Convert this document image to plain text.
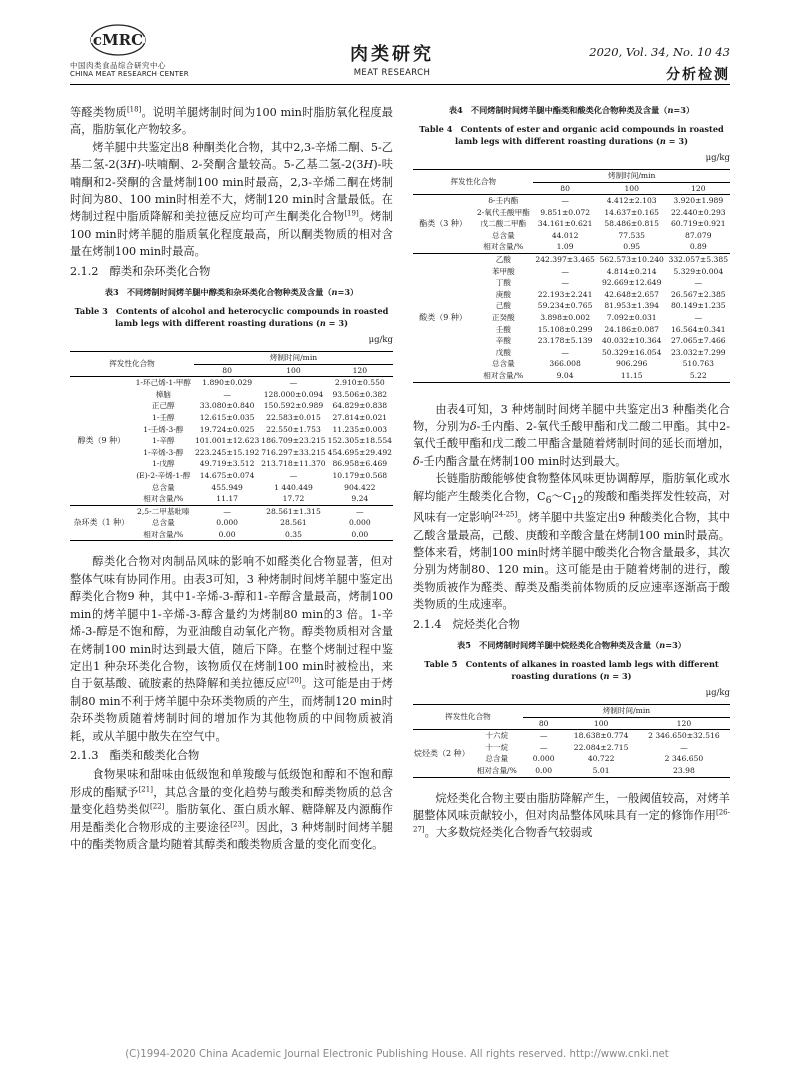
cMRC
中国肉类食品综合研究中心
CHINA MEAT RESEARCH CENTER
肉类研究
MEAT RESEARCH
2020, Vol. 34, No. 10 43
分析检测

等醛类物质[18]。说明羊腿烤制时间为100 min时脂肪氧化程度最高，脂肪氧化产物较多。

烤羊腿中共鉴定出8 种酮类化合物，其中2,3-辛烯二酮、5-乙基二氢-2(3H)-呋喃酮、2-癸酮含量较高。5-乙基二氢-2(3H)-呋喃酮和2-癸酮的含量烤制100 min时最高，2,3-辛烯二酮在烤制时间为80、100 min时相差不大，烤制120 min时含量最低。在烤制过程中脂质降解和美拉德反应均可产生酮类化合物[19]。烤制100 min时烤羊腿的脂质氧化程度最高，所以酮类物质的相对含量在烤制100 min时最高。

2.1.2　醇类和杂环类化合物

表3　不同烤制时间烤羊腿中醇类和杂环类化合物种类及含量（n=3）
Table 3　Contents of alcohol and heterocyclic compounds in roasted lamb legs with different roasting durations (n = 3)
μg/kg
挥发性化合物		烤制时间/min		
		80	100	120
醇类（9 种）	1-环己烯-1-甲醇	1.890±0.029	—	2.910±0.550
	樟脑	—	128.000±0.094	93.506±0.382
	正己醇	33.080±0.840	150.592±0.989	64.829±0.838
	1-壬醇	12.615±0.035	22.583±0.015	27.814±0.021
	1-壬烯-3-醇	19.724±0.025	22.550±1.753	11.235±0.003
	1-辛醇	101.001±12.623	186.709±23.215	152.305±18.554
	1-辛烯-3-醇	223.245±15.192	716.297±33.215	454.695±29.492
	1-戊醇	49.719±3.512	213.718±11.370	86.958±6.469
	(E)-2-辛烯-1-醇	14.675±0.074	—	10.179±0.568
	总含量	455.949	1 440.449	904.422
	相对含量/%	11.17	17.72	9.24
杂环类（1 种）	2,5-二甲基吡嗪	—	28.561±1.315	—
	总含量	0.000	28.561	0.000
	相对含量/%	0.00	0.35	0.00

醇类化合物对肉制品风味的影响不如醛类化合物显著，但对整体气味有协同作用。由表3可知，3 种烤制时间烤羊腿中鉴定出醇类化合物9 种，其中1-辛烯-3-醇和1-辛醇含量最高，烤制100 min的烤羊腿中1-辛烯-3-醇含量约为烤制80 min的3 倍。1-辛烯-3-醇是不饱和醇，为亚油酸自动氧化产物。醇类物质相对含量在烤制100 min时达到最大值，随后下降。在整个烤制过程中鉴定出1 种杂环类化合物，该物质仅在烤制100 min时被检出，来自于氨基酸、硫胺素的热降解和美拉德反应[20]。这可能是由于烤制80 min不利于烤羊腿中杂环类物质的产生，而烤制120 min时杂环类物质随着烤制时间的增加作为其他物质的中间物质被消耗，或从羊腿中散失在空气中。

2.1.3　酯类和酸类化合物

食物果味和甜味由低级饱和单羧酸与低级饱和醇和不饱和醇形成的酯赋予[21]，其总含量的变化趋势与酸类和醇类物质的总含量变化趋势类似[22]。脂肪氧化、蛋白质水解、糖降解及内源酶作用是酯类化合物形成的主要途径[23]。因此，3 种烤制时间烤羊腿中的酯类物质含量均随着其醇类和酸类物质含量的变化而变化。

表4　不同烤制时间烤羊腿中酯类和酸类化合物种类及含量（n=3）
Table 4　Contents of ester and organic acid compounds in roasted lamb legs with different roasting durations (n = 3)
μg/kg
挥发性化合物		烤制时间/min		
		80	100	120
酯类（3 种）	δ-壬内酯	—	4.412±2.103	3.920±1.989
	2-氧代壬酸甲酯	9.851±0.072	14.637±0.165	22.440±0.293
	戊二酸二甲酯	34.161±0.621	58.486±0.815	60.719±0.921
	总含量	44.012	77.535	87.079
	相对含量/%	1.09	0.95	0.89
酸类（9 种）	乙酸	242.397±3.465	562.573±10.240	332.057±5.385
	苯甲酸	—	4.814±0.214	5.329±0.004
	丁酸	—	92.669±12.649	—
	庚酸	22.193±2.241	42.648±2.657	26.567±2.385
	己酸	59.234±0.765	81.953±1.394	80.149±1.235
	正癸酸	3.898±0.002	7.092±0.031	—
	壬酸	15.108±0.299	24.186±0.087	16.564±0.341
	辛酸	23.178±5.139	40.032±10.364	27.065±7.466
	戊酸	—	50.329±16.054	23.032±7.299
	总含量	366.008	906.296	510.763
	相对含量/%	9.04	11.15	5.22

由表4可知，3 种烤制时间烤羊腿中共鉴定出3 种酯类化合物，分别为δ-壬内酯、2-氧代壬酸甲酯和戊二酸二甲酯。其中2-氧代壬酸甲酯和戊二酸二甲酯含量随着烤制时间的延长而增加，δ-壬内酯含量在烤制100 min时达到最大。

长链脂肪酸能够使食物整体风味更协调醇厚，脂肪氧化或水解均能产生酸类化合物，$C_6\sim C_{12}$的羧酸和酯类挥发性较高，对风味有一定影响[24-25]。烤羊腿中共鉴定出9 种酸类化合物，其中乙酸含量最高，己酸、庚酸和辛酸含量在烤制100 min时最高。整体来看，烤制100 min时烤羊腿中酸类化合物含量最多，其次分别为烤制80、120 min。这可能是由于随着烤制的进行，酸类物质被作为醛类、醇类及酯类前体物质的反应速率逐渐高于酸类物质的生成速率。

2.1.4　烷烃类化合物

表5　不同烤制时间烤羊腿中烷烃类化合物种类及含量（n=3）
Table 5　Contents of alkanes in roasted lamb legs with different roasting durations (n = 3)
μg/kg
挥发性化合物		烤制时间/min		
		80	100	120
烷烃类（2 种）	十六烷	—	18.638±0.774	2 346.650±32.516
	十一烷	—	22.084±2.715	—
	总含量	0.000	40.722	2 346.650
	相对含量/%	0.00	5.01	23.98

烷烃类化合物主要由脂肪降解产生，一般阈值较高，对烤羊腿整体风味贡献较小，但对肉品整体风味具有一定的修饰作用[26-27]。大多数烷烃类化合物香气较弱或

(C)1994-2020 China Academic Journal Electronic Publishing House. All rights reserved. http://www.cnki.net
